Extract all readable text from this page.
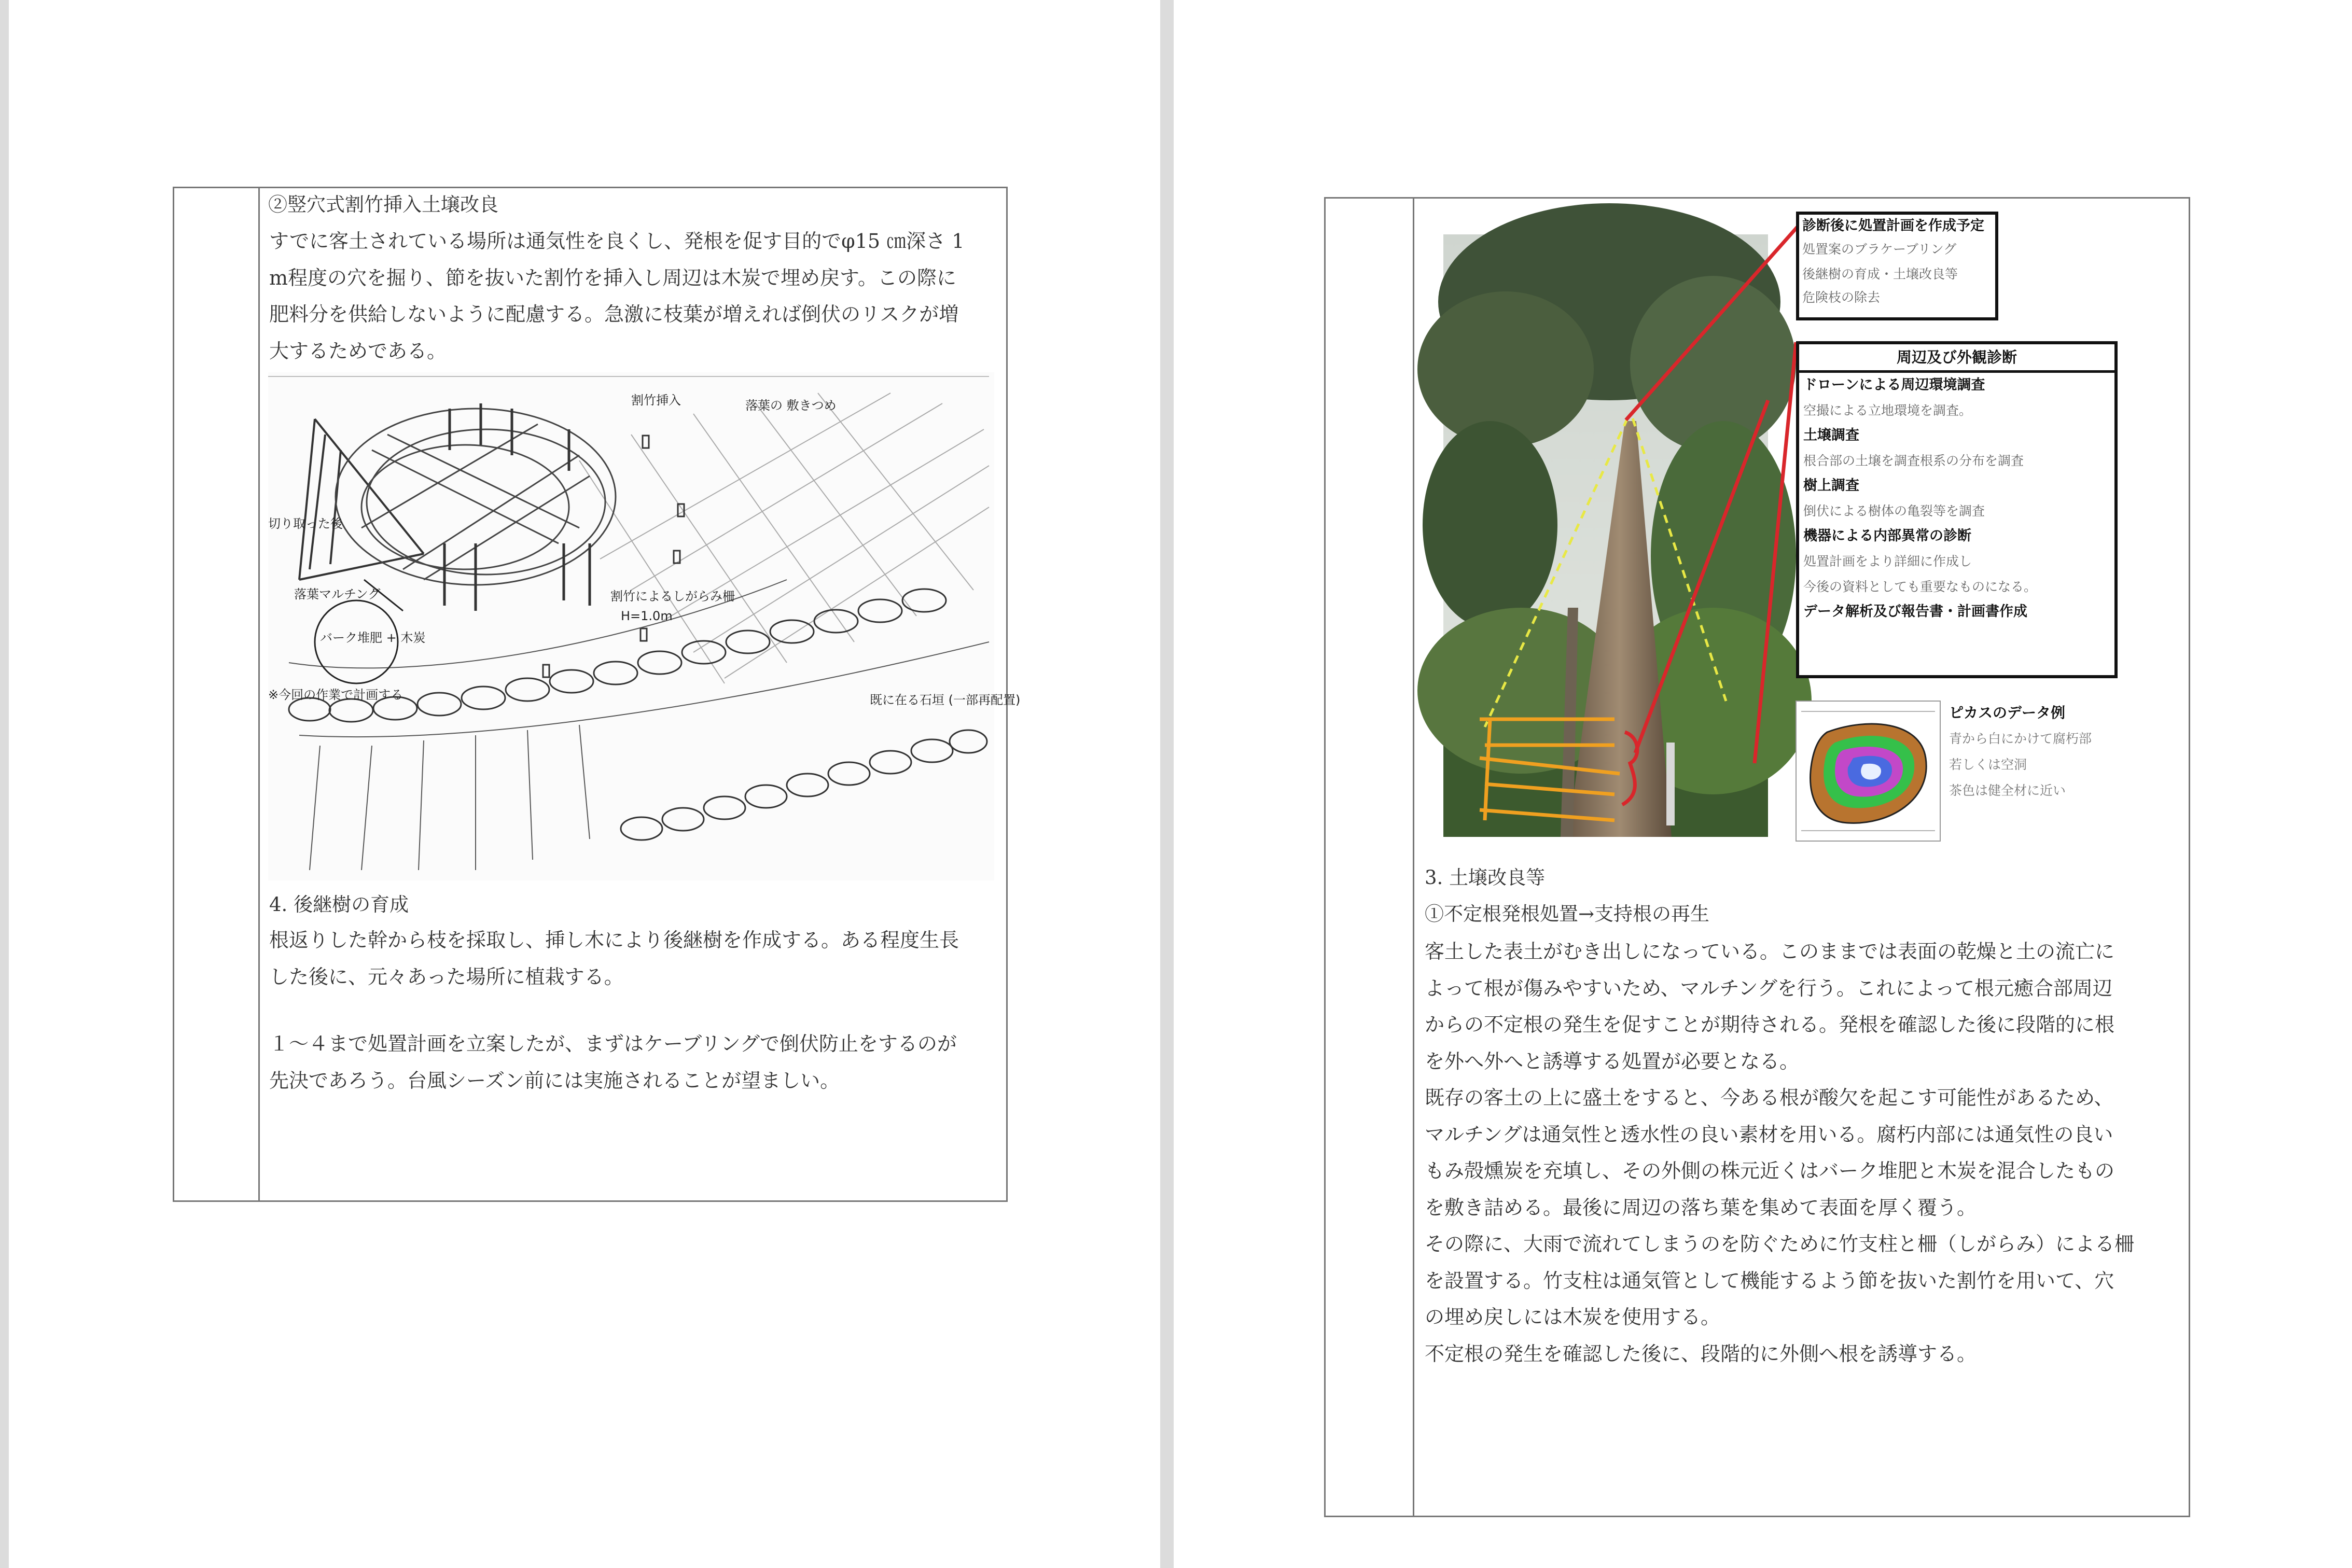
②竪穴式割竹挿入土壌改良
すでに客土されている場所は通気性を良くし、発根を促す目的でφ15 ㎝深さ 1
m程度の穴を掘り、節を抜いた割竹を挿入し周辺は木炭で埋め戻す。この際に
肥料分を供給しないように配慮する。急激に枝葉が増えれば倒伏のリスクが増
大するためである。
割竹挿入	落葉の 敷きつめ
切り取った後
落葉マルチング
バーク堆肥 + 木炭
割竹によるしがらみ柵
H=1.0m
※今回の作業で計画する	既に在る石垣 (一部再配置)
4. 後継樹の育成
根返りした幹から枝を採取し、挿し木により後継樹を作成する。ある程度生長
した後に、元々あった場所に植栽する。
１～４まで処置計画を立案したが、まずはケーブリングで倒伏防止をするのが
先決であろう。台風シーズン前には実施されることが望ましい。
診断後に処置計画を作成予定
処置案のブラケーブリング
後継樹の育成・土壌改良等
危険枝の除去
周辺及び外観診断
ドローンによる周辺環境調査
空撮による立地環境を調査。
土壌調査
根合部の土壌を調査根系の分布を調査
樹上調査
倒伏による樹体の亀裂等を調査
機器による内部異常の診断
処置計画をより詳細に作成し
今後の資料としても重要なものになる。
データ解析及び報告書・計画書作成
ピカスのデータ例
青から白にかけて腐朽部
若しくは空洞
茶色は健全材に近い
3. 土壌改良等
①不定根発根処置→支持根の再生
客土した表土がむき出しになっている。このままでは表面の乾燥と土の流亡に
よって根が傷みやすいため、マルチングを行う。これによって根元癒合部周辺
からの不定根の発生を促すことが期待される。発根を確認した後に段階的に根
を外へ外へと誘導する処置が必要となる。
既存の客土の上に盛土をすると、今ある根が酸欠を起こす可能性があるため、
マルチングは通気性と透水性の良い素材を用いる。腐朽内部には通気性の良い
もみ殻燻炭を充填し、その外側の株元近くはバーク堆肥と木炭を混合したもの
を敷き詰める。最後に周辺の落ち葉を集めて表面を厚く覆う。
その際に、大雨で流れてしまうのを防ぐために竹支柱と柵（しがらみ）による柵
を設置する。竹支柱は通気管として機能するよう節を抜いた割竹を用いて、穴
の埋め戻しには木炭を使用する。
不定根の発生を確認した後に、段階的に外側へ根を誘導する。
